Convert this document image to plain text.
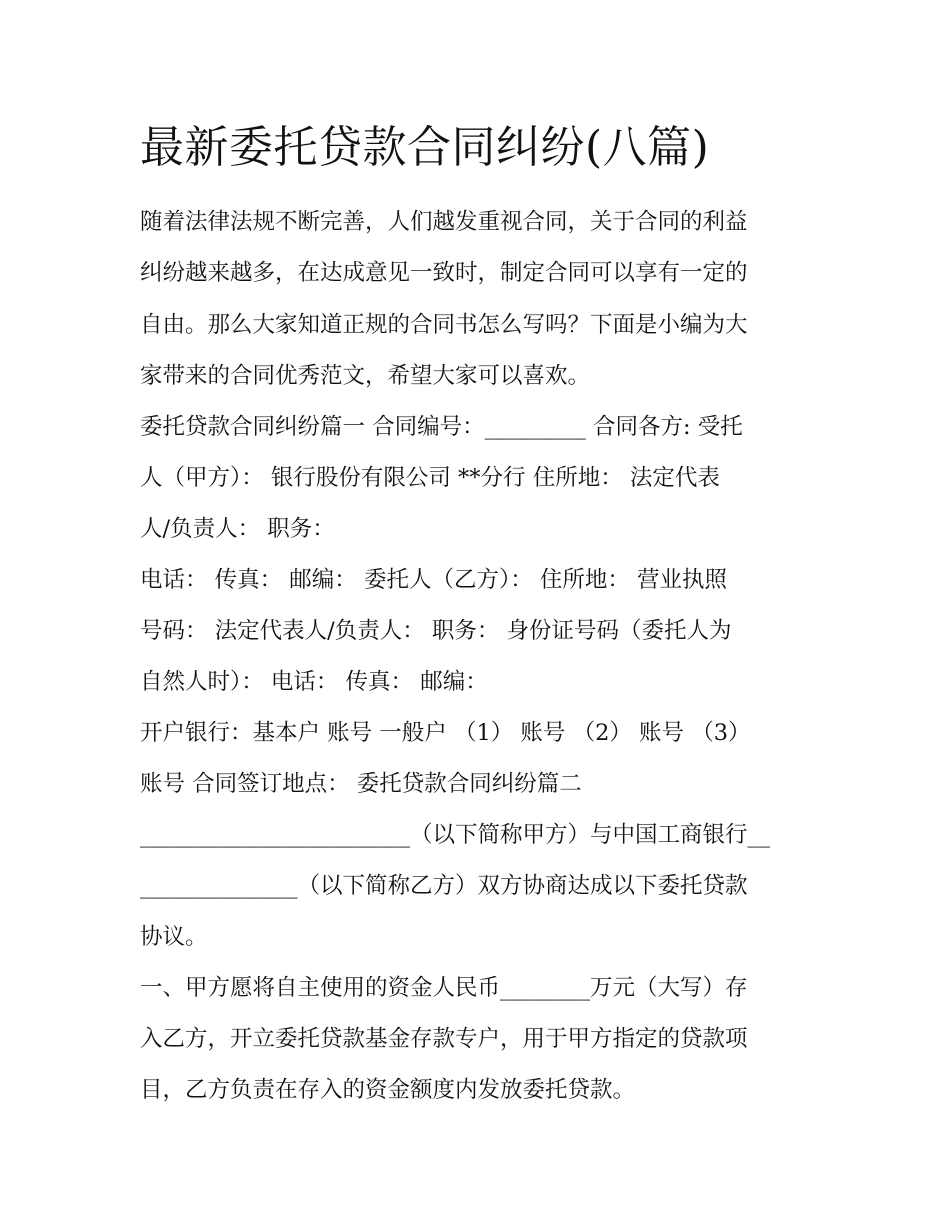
最新委托贷款合同纠纷(八篇)
随着法律法规不断完善，人们越发重视合同，关于合同的利益
纠纷越来越多，在达成意见一致时，制定合同可以享有一定的
自由。那么大家知道正规的合同书怎么写吗？下面是小编为大
家带来的合同优秀范文，希望大家可以喜欢。
委托贷款合同纠纷篇一 合同编号：_________ 合同各方: 受托
人（甲方）： 银行股份有限公司 **分行 住所地： 法定代表
人/负责人： 职务：
电话： 传真： 邮编： 委托人（乙方）： 住所地： 营业执照
号码： 法定代表人/负责人： 职务： 身份证号码（委托人为
自然人时）： 电话： 传真： 邮编：
开户银行：基本户 账号 一般户 （1） 账号 （2） 账号 （3）
账号 合同签订地点： 委托贷款合同纠纷篇二
________________________（以下简称甲方）与中国工商银行__
______________（以下简称乙方）双方协商达成以下委托贷款
协议。
一、甲方愿将自主使用的资金人民币________万元（大写）存
入乙方，开立委托贷款基金存款专户，用于甲方指定的贷款项
目，乙方负责在存入的资金额度内发放委托贷款。
